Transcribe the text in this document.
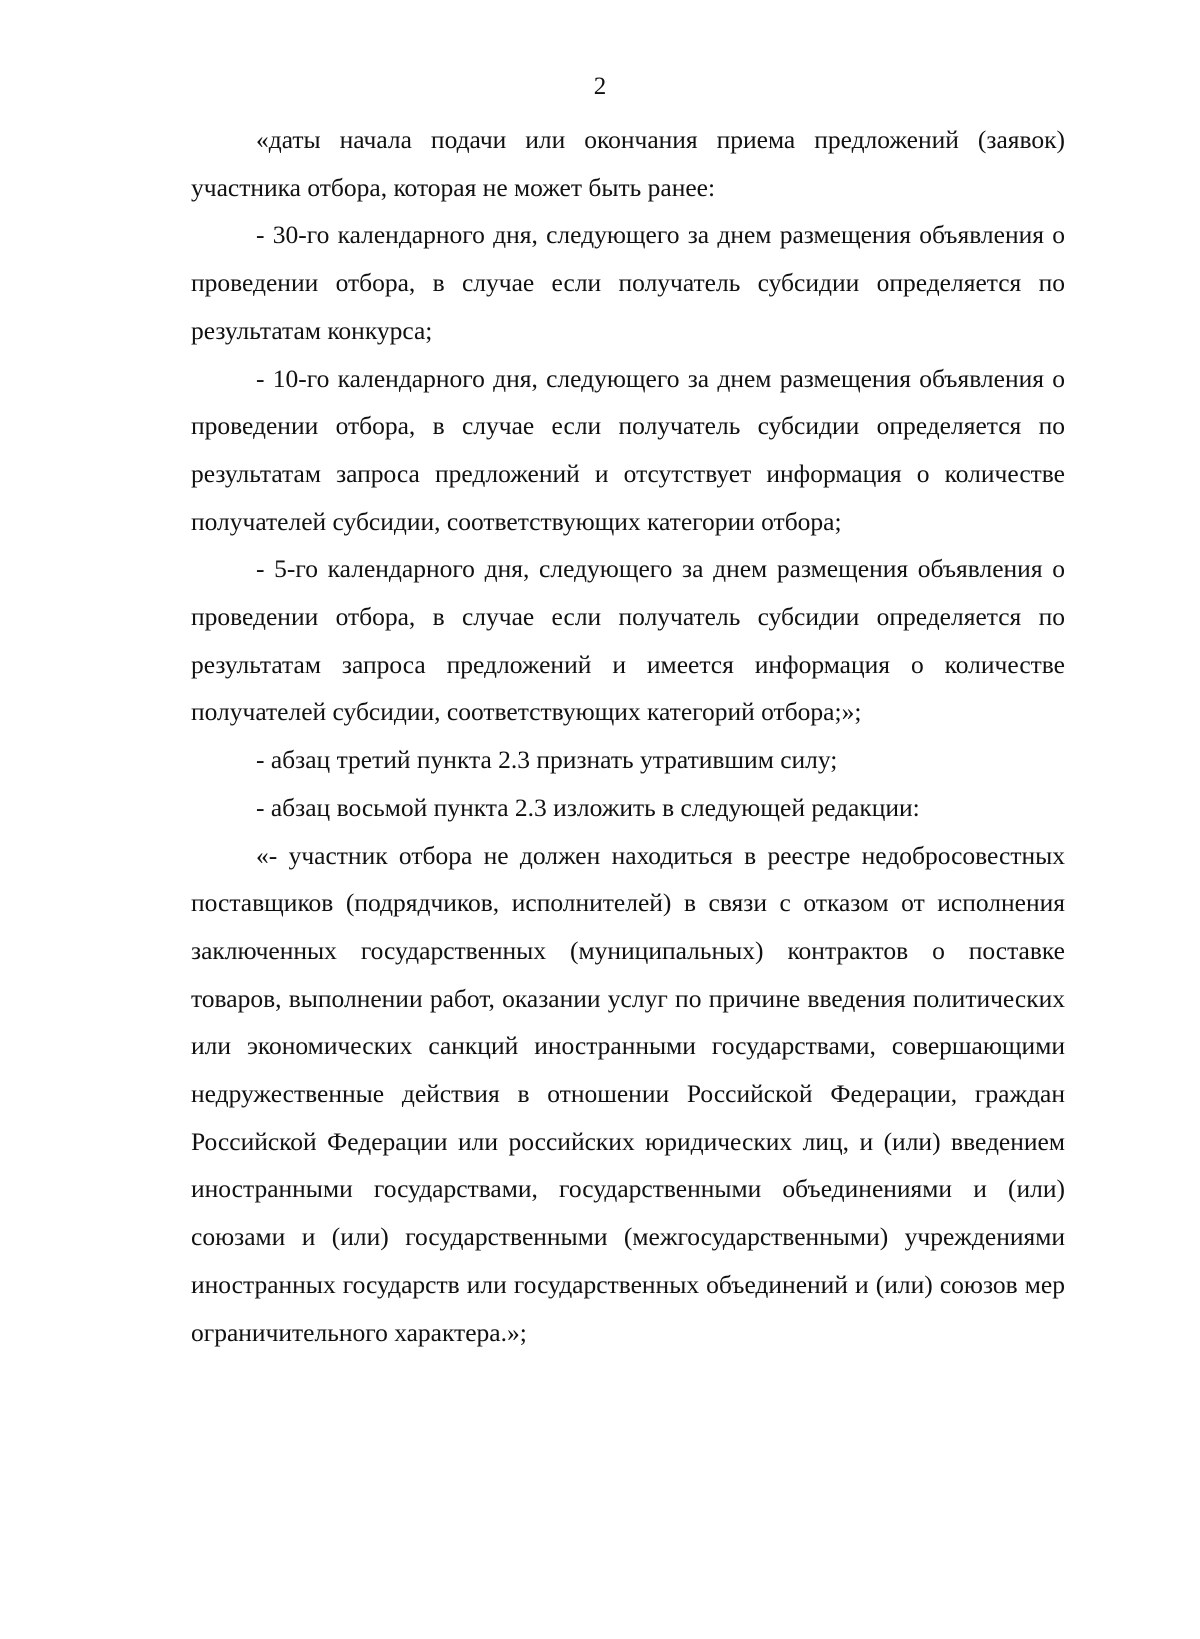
2

«даты начала подачи или окончания приема предложений (заявок) участника отбора, которая не может быть ранее:

- 30-го календарного дня, следующего за днем размещения объявления о проведении отбора, в случае если получатель субсидии определяется по результатам конкурса;

- 10-го календарного дня, следующего за днем размещения объявления о проведении отбора, в случае если получатель субсидии определяется по результатам запроса предложений и отсутствует информация о количестве получателей субсидии, соответствующих категории отбора;

- 5-го календарного дня, следующего за днем размещения объявления о проведении отбора, в случае если получатель субсидии определяется по результатам запроса предложений и имеется информация о количестве получателей субсидии, соответствующих категорий отбора;»;

- абзац третий пункта 2.3 признать утратившим силу;

- абзац восьмой пункта 2.3 изложить в следующей редакции:

«- участник отбора не должен находиться в реестре недобросовестных поставщиков (подрядчиков, исполнителей) в связи с отказом от исполнения заключенных государственных (муниципальных) контрактов о поставке товаров, выполнении работ, оказании услуг по причине введения политических или экономических санкций иностранными государствами, совершающими недружественные действия в отношении Российской Федерации, граждан Российской Федерации или российских юридических лиц, и (или) введением иностранными государствами, государственными объединениями и (или) союзами и (или) государственными (межгосударственными) учреждениями иностранных государств или государственных объединений и (или) союзов мер ограничительного характера.»;
